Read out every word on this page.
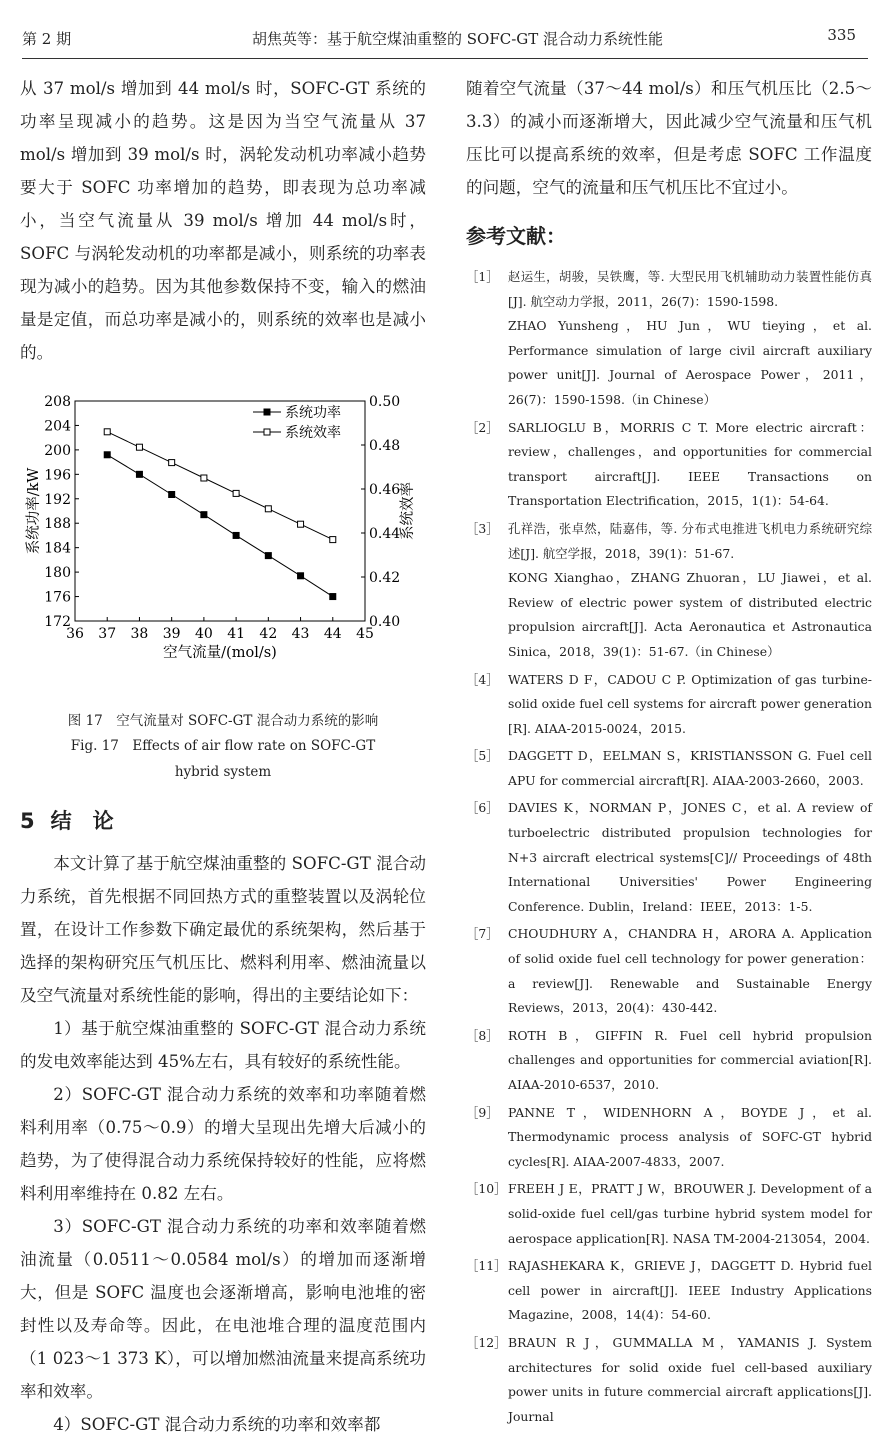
第 2 期	胡焦英等：基于航空煤油重整的 SOFC-GT 混合动力系统性能	335

从 37 mol/s 增加到 44 mol/s 时，SOFC-GT 系统的功率呈现减小的趋势。这是因为当空气流量从 37 mol/s 增加到 39 mol/s 时，涡轮发动机功率减小趋势要大于 SOFC 功率增加的趋势，即表现为总功率减小，当空气流量从 39 mol/s 增加 44 mol/s时，SOFC 与涡轮发动机的功率都是减小，则系统的功率表现为减小的趋势。因为其他参数保持不变，输入的燃油量是定值，而总功率是减小的，则系统的效率也是减小的。

36 37 38 39 40 41 42 43 44 45
172
176
180
184
188
192
196
200
204
208
0.40
0.42
0.44
0.46
0.48
0.50
空气流量/(mol/s)
系统功率/kW	系统效率
系统功率
系统效率
图 17　空气流量对 SOFC-GT 混合动力系统的影响
Fig. 17　Effects of air flow rate on SOFC-GT
hybrid system
5 结　论

本文计算了基于航空煤油重整的 SOFC-GT 混合动力系统，首先根据不同回热方式的重整装置以及涡轮位置，在设计工作参数下确定最优的系统架构，然后基于选择的架构研究压气机压比、燃料利用率、燃油流量以及空气流量对系统性能的影响，得出的主要结论如下：

1）基于航空煤油重整的 SOFC-GT 混合动力系统的发电效率能达到 45%左右，具有较好的系统性能。

2）SOFC-GT 混合动力系统的效率和功率随着燃料利用率（0.75～0.9）的增大呈现出先增大后减小的趋势，为了使得混合动力系统保持较好的性能，应将燃料利用率维持在 0.82 左右。

3）SOFC-GT 混合动力系统的功率和效率随着燃油流量（0.0511～0.0584 mol/s）的增加而逐渐增大，但是 SOFC 温度也会逐渐增高，影响电池堆的密封性以及寿命等。因此，在电池堆合理的温度范围内（1 023～1 373 K），可以增加燃油流量来提高系统功率和效率。

4）SOFC-GT 混合动力系统的功率和效率都

随着空气流量（37～44 mol/s）和压气机压比（2.5～3.3）的减小而逐渐增大，因此减少空气流量和压气机压比可以提高系统的效率，但是考虑 SOFC 工作温度的问题，空气的流量和压气机压比不宜过小。

参考文献：
［1］ 赵运生，胡骏，吴铁鹰，等. 大型民用飞机辅助动力装置性能仿真[J]. 航空动力学报，2011，26(7)：1590-1598.
ZHAO Yunsheng，HU Jun，WU tieying，et al. Performance simulation of large civil aircraft auxiliary power unit[J]. Journal of Aerospace Power，2011，26(7)：1590-1598.（in Chinese）
［2］ SARLIOGLU B，MORRIS C T. More electric aircraft：review，challenges，and opportunities for commercial transport aircraft[J]. IEEE Transactions on Transportation Electrification，2015，1(1)：54-64.
［3］ 孔祥浩，张卓然，陆嘉伟，等. 分布式电推进飞机电力系统研究综述[J]. 航空学报，2018，39(1)：51-67.
KONG Xianghao，ZHANG Zhuoran，LU Jiawei，et al. Review of electric power system of distributed electric propulsion aircraft[J]. Acta Aeronautica et Astronautica Sinica，2018，39(1)：51-67.（in Chinese）
［4］ WATERS D F，CADOU C P. Optimization of gas turbine-solid oxide fuel cell systems for aircraft power generation [R]. AIAA-2015-0024，2015.
［5］ DAGGETT D，EELMAN S，KRISTIANSSON G. Fuel cell APU for commercial aircraft[R]. AIAA-2003-2660，2003.
［6］ DAVIES K，NORMAN P，JONES C，et al. A review of turboelectric distributed propulsion technologies for N+3 aircraft electrical systems[C]// Proceedings of 48th International Universities' Power Engineering Conference. Dublin，Ireland：IEEE，2013：1-5.
［7］ CHOUDHURY A，CHANDRA H，ARORA A. Application of solid oxide fuel cell technology for power generation：a review[J]. Renewable and Sustainable Energy Reviews，2013，20(4)：430-442.
［8］ ROTH B，GIFFIN R. Fuel cell hybrid propulsion challenges and opportunities for commercial aviation[R]. AIAA-2010-6537，2010.
［9］ PANNE T，WIDENHORN A，BOYDE J，et al. Thermodynamic process analysis of SOFC-GT hybrid cycles[R]. AIAA-2007-4833，2007.
［10］ FREEH J E，PRATT J W，BROUWER J. Development of a solid-oxide fuel cell/gas turbine hybrid system model for aerospace application[R]. NASA TM-2004-213054，2004.
［11］ RAJASHEKARA K，GRIEVE J，DAGGETT D. Hybrid fuel cell power in aircraft[J]. IEEE Industry Applications Magazine，2008，14(4)：54-60.
［12］ BRAUN R J，GUMMALLA M，YAMANIS J. System architectures for solid oxide fuel cell-based auxiliary power units in future commercial aircraft applications[J]. Journal
